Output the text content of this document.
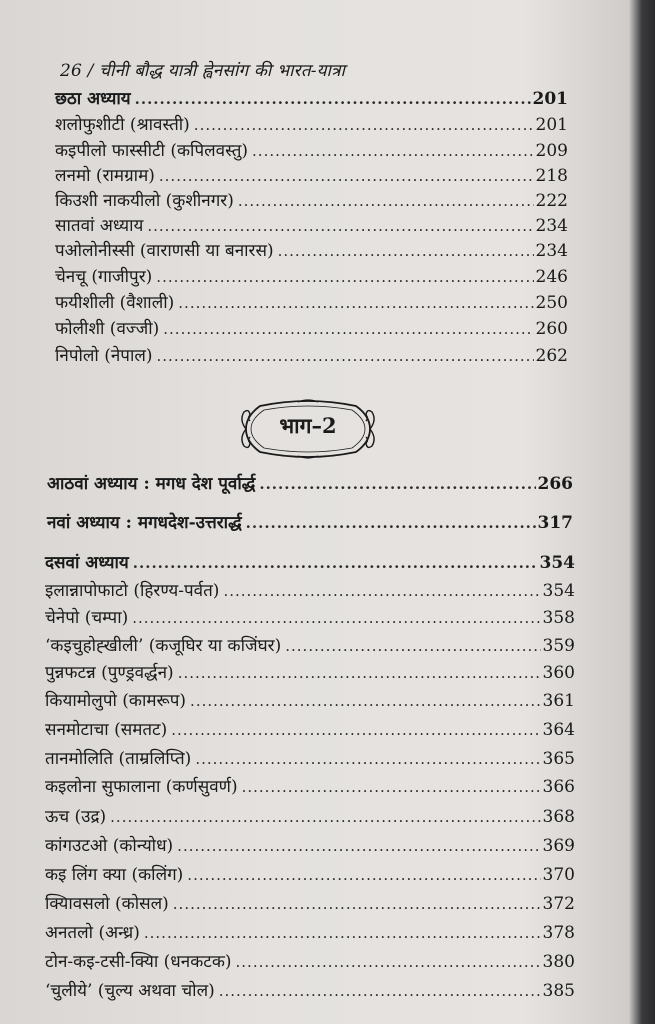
26 / चीनी बौद्ध यात्री ह्वेनसांग की भारत-यात्रा
छठा अध्याय .....	201
शलोफुशीटी (श्रावस्ती) .....	201
कइपीलो फास्सीटी (कपिलवस्तु) .....	209
लनमो (रामग्राम) .....	218
किउशी नाकयीलो (कुशीनगर) .....	222
सातवां अध्याय .....	234
पओलोनीस्सी (वाराणसी या बनारस) .....	234
चेनचू (गाजीपुर) .....	246
फयीशीली (वैशाली) .....	250
फोलीशी (वज्जी) .....	260
निपोलो (नेपाल) .....	262
भाग–2
आठवां अध्याय : मगध देश पूर्वार्द्ध .....	266
नवां अध्याय : मगधदेश-उत्तरार्द्ध .....	317
दसवां अध्याय .....	354
इलान्नापोफाटो (हिरण्य-पर्वत) .....	354
चेनेपो (चम्पा) .....	358
‘कइचुहोह्खीली’ (कजूघिर या कजिंघर) .....	359
पुन्नफटन्न (पुण्ड्रवर्द्धन) .....	360
कियामोलुपो (कामरूप) .....	361
सनमोटाचा (समतट) .....	364
तानमोलिति (ताम्रलिप्ति) .....	365
कइलोना सुफालाना (कर्णसुवर्ण) .....	366
ऊच (उद्र) .....	368
कांगउटओ (कोन्योध) .....	369
कइ लिंग क्या (कलिंग) .....	370
क्यिावसलो (कोसल) .....	372
अनतलो (अन्ध्र) .....	378
टोन-कइ-टसी-क्यिा (धनकटक) .....	380
‘चुलीये’ (चुल्य अथवा चोल) .....	385
